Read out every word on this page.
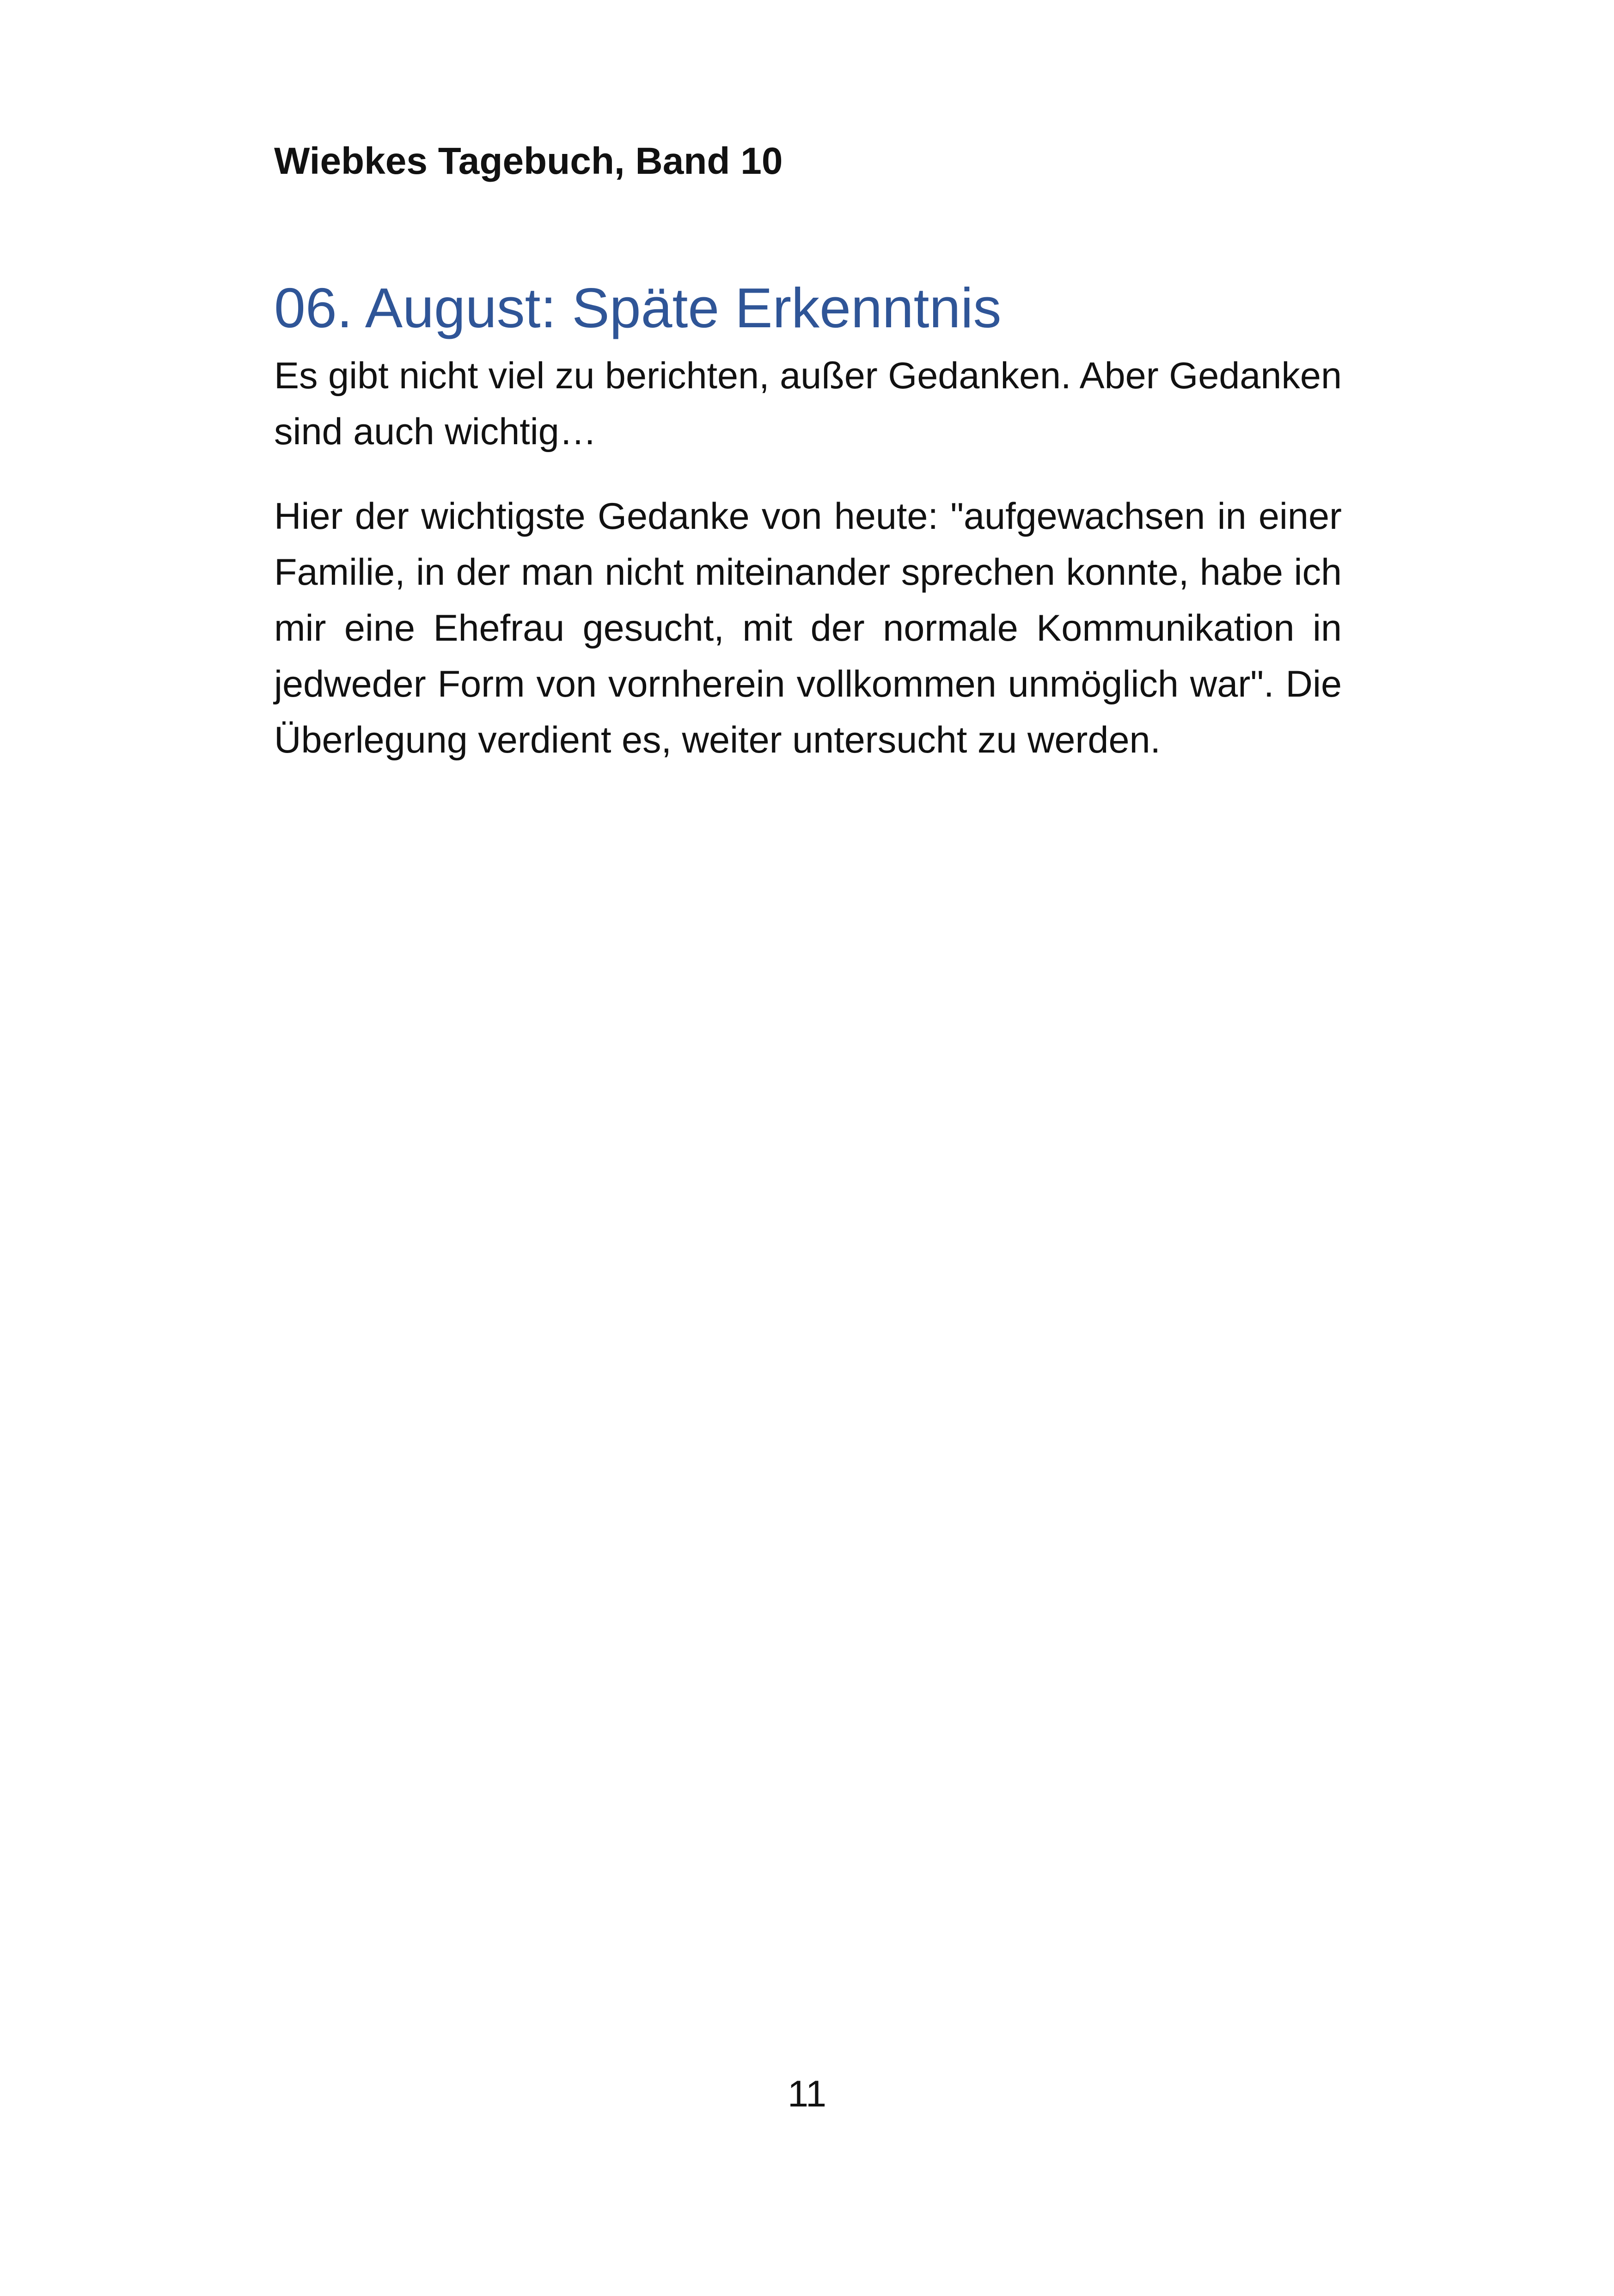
Wiebkes Tagebuch, Band 10
06. August: Späte Erkenntnis

Es gibt nicht viel zu berichten, außer Gedanken. Aber Gedanken sind auch wichtig…

Hier der wichtigste Gedanke von heute: "aufgewachsen in einer Familie, in der man nicht miteinander sprechen konnte, habe ich mir eine Ehefrau gesucht, mit der normale Kommunikation in jedweder Form von vornherein vollkommen unmöglich war". Die Überlegung verdient es, weiter untersucht zu werden.

11
